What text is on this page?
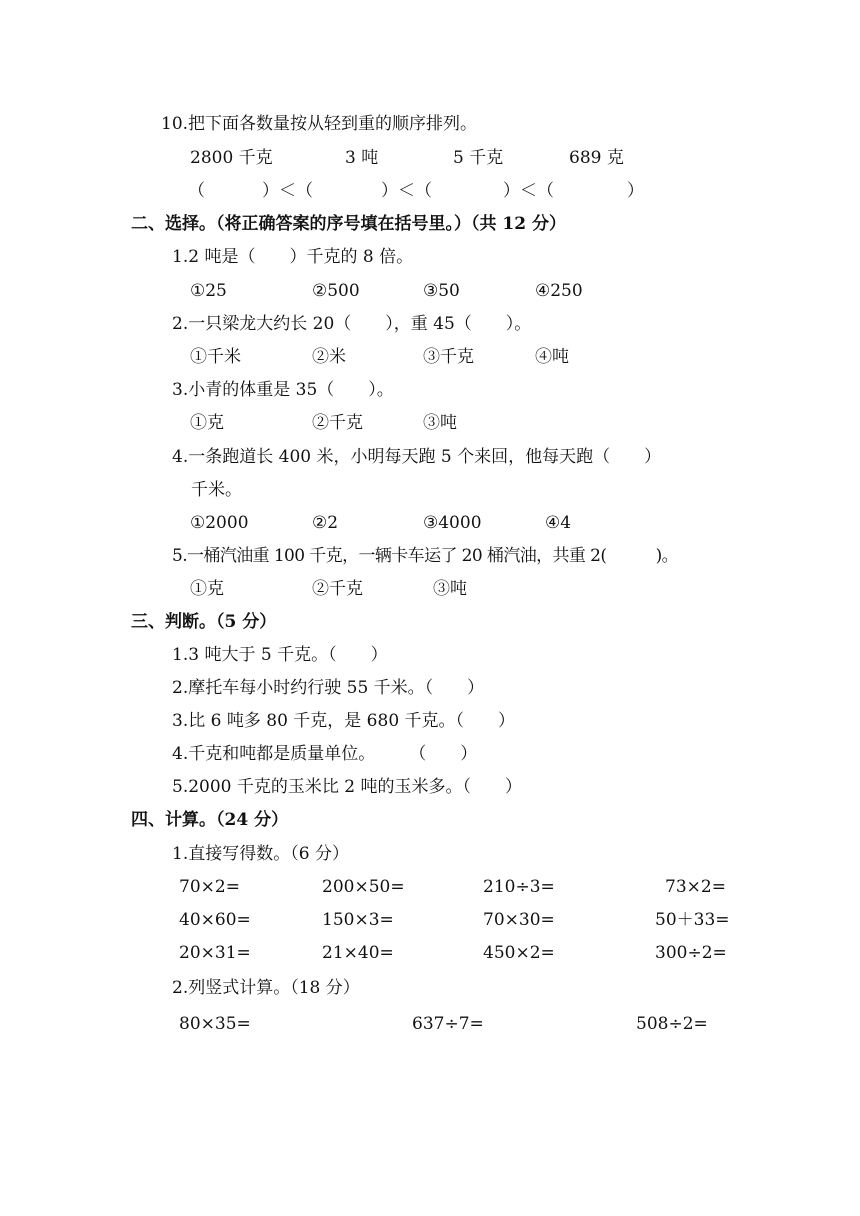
10.把下面各数量按从轻到重的顺序排列。
2800 千克	3 吨	5 千克	689 克
（	）＜（	）＜（	）＜（	）
二、选择。（将正确答案的序号填在括号里。）（共 12 分）
1.2 吨是（　　）千克的 8 倍。
①25	②500	③50	④250
2.一只梁龙大约长 20（　　），重 45（　　）。
①千米	②米	③千克	④吨
3.小青的体重是 35（　　）。
①克	②千克	③吨
4.一条跑道长 400 米，小明每天跑 5 个来回，他每天跑（　　）
千米。
①2000	②2	③4000	④4
5.一桶汽油重 100 千克，一辆卡车运了 20 桶汽油，共重 2(　　　)。
①克	②千克	③吨
三、判断。（5 分）
1.3 吨大于 5 千克。（　　）
2.摩托车每小时约行驶 55 千米。（　　）
3.比 6 吨多 80 千克，是 680 千克。（　　）
4.千克和吨都是质量单位。　　　（　　）
5.2000 千克的玉米比 2 吨的玉米多。（　　）
四、计算。（24 分）
1.直接写得数。（6 分）
70×2=	200×50=	210÷3=	73×2=
40×60=	150×3=	70×30=	50＋33=
20×31=	21×40=	450×2=	300÷2=
2.列竖式计算。（18 分）
80×35=	637÷7=	508÷2=
